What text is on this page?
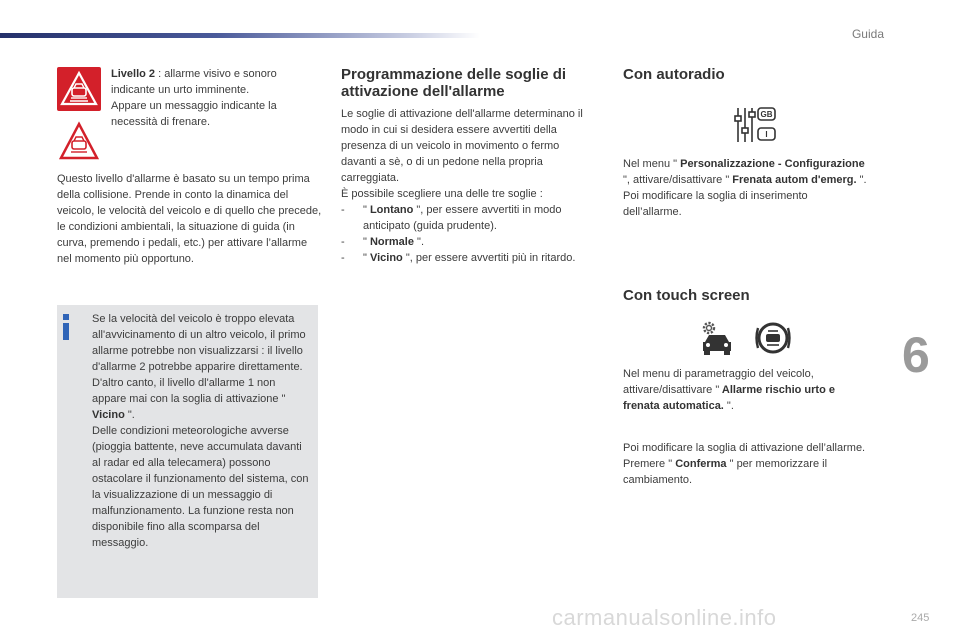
Guida

Livello 2 : allarme visivo e sonoro indicante un urto imminente.

Appare un messaggio indicante la necessità di frenare.

Questo livello d'allarme è basato su un tempo prima della collisione. Prende in conto la dinamica del veicolo, le velocità del veicolo e di quello che precede, le condizioni ambientali, la situazione di guida (in curva, premendo i pedali, etc.) per attivare l’allarme nel momento più opportuno.

Se la velocità del veicolo è troppo elevata all'avvicinamento di un altro veicolo, il primo allarme potrebbe non visualizzarsi : il livello d'allarme 2 potrebbe apparire direttamente. D'altro canto, il livello dl'allarme 1 non appare mai con la soglia di attivazione " Vicino ".

Delle condizioni meteorologiche avverse (pioggia battente, neve accumulata davanti al radar ed alla telecamera) possono ostacolare il funzionamento del sistema, con la visualizzazione di un messaggio di malfunzionamento. La funzione resta non disponibile fino alla scomparsa del messaggio.

Programmazione delle soglie di attivazione dell'allarme

Le soglie di attivazione dell'allarme determinano il modo in cui si desidera essere avvertiti della presenza di un veicolo in movimento o fermo davanti a sè, o di un pedone nella propria carreggiata.

È possibile scegliere una delle tre soglie :

-	" Lontano ", per essere avvertiti in modo anticipato (guida prudente).

-	" Normale ".

-	" Vicino ", per essere avvertiti più in ritardo.

Con autoradio
GB
I

Nel menu " Personalizzazione - Configurazione ", attivare/disattivare " Frenata autom d'emerg. ".

Poi modificare la soglia di inserimento dell’allarme.

Con touch screen

Nel menu di parametraggio del veicolo, attivare/disattivare " Allarme rischio urto e frenata automatica. ".

Poi modificare la soglia di attivazione dell’allarme.

Premere " Conferma " per memorizzare il cambiamento.

6
carmanualsonline.info	245
